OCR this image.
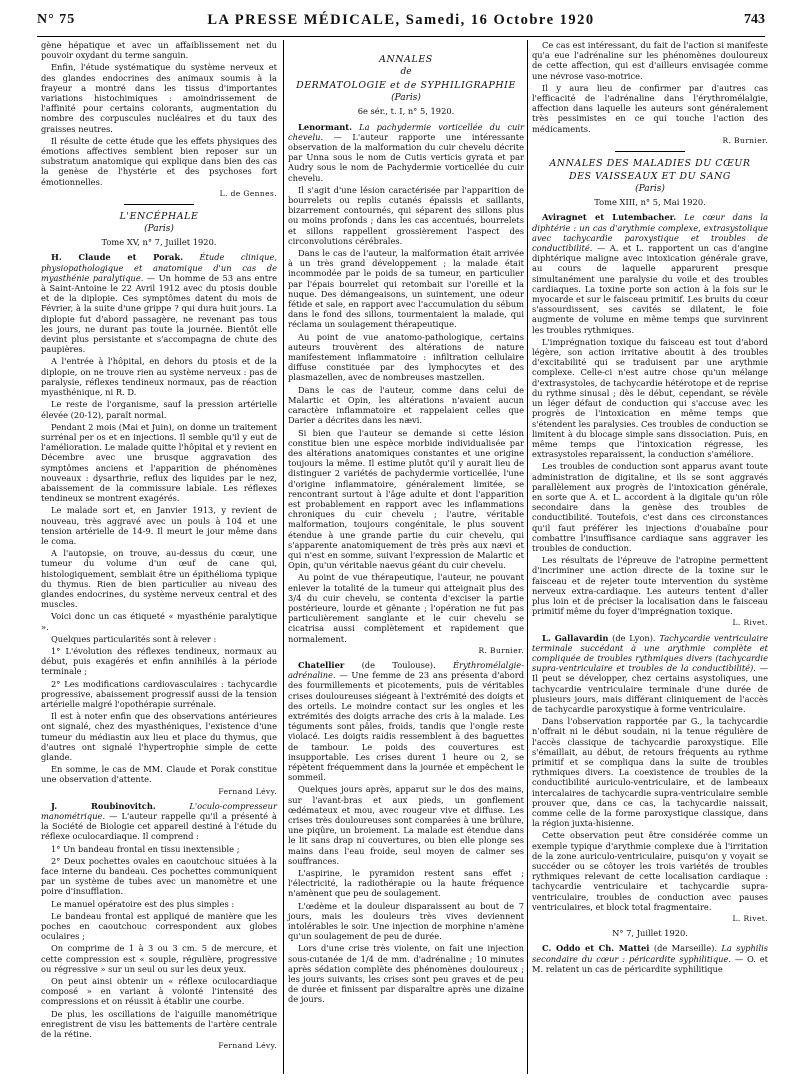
N° 75	LA PRESSE MÉDICALE, Samedi, 16 Octobre 1920	743

gène hépatique et avec un affaiblissement net du pouvoir oxydant du terme sanguin.

Enfin, l'étude systématique du système nerveux et des glandes endocrines des animaux soumis à la frayeur a montré dans les tissus d'importantes variations histochimiques : amoindrissement de l'affinité pour certains colorants, augmentation du nombre des corpuscules nucléaires et du taux des graisses neutres.

Il résulte de cette étude que les effets physiques des émotions affectives semblent bien reposer sur un substratum anatomique qui explique dans bien des cas la genèse de l'hystérie et des psychoses fort émotionnelles.

L. de Gennes.

L'ENCÉPHALE

(Paris)

Tome XV, n° 7, Juillet 1920.

H. Claude et Porak. Étude clinique, physiopathologique et anatomique d'un cas de myasthénie paralytique. — Un homme de 53 ans entre à Saint-Antoine le 22 Avril 1912 avec du ptosis double et de la diplopie. Ces symptômes datent du mois de Février, à la suite d'une grippe ? qui dura huit jours. La diplopie fut d'abord passagère, ne revenant pas tous les jours, ne durant pas toute la journée. Bientôt elle devint plus persistante et s'accompagna de chute des paupières.

A l'entrée à l'hôpital, en dehors du ptosis et de la diplopie, on ne trouve rien au système nerveux : pas de paralysie, réflexes tendineux normaux, pas de réaction myasthénique, ni R. D.

Le reste de l'organisme, sauf la pression artérielle élevée (20-12), paraît normal.

Pendant 2 mois (Mai et Juin), on donne un traitement surrénal per os et en injections. Il semble qu'il y eut de l'amélioration. Le malade quitte l'hôpital et y revient en Décembre avec une brusque aggravation des symptômes anciens et l'apparition de phénomènes nouveaux : dysarthrie, reflux des liquides par le nez, abaissement de la commissure labiale. Les réflexes tendineux se montrent exagérés.

Le malade sort et, en Janvier 1913, y revient de nouveau, très aggravé avec un pouls à 104 et une tension artérielle de 14-9. Il meurt le jour même dans le coma.

A l'autopsie, on trouve, au-dessus du cœur, une tumeur du volume d'un œuf de cane qui, histologiquement, semblait être un épithélioma typique du thymus. Rien de bien particulier au niveau des glandes endocrines, du système nerveux central et des muscles.

Voici donc un cas étiqueté « myasthénie paralytique ».

Quelques particularités sont à relever :

1° L'évolution des réflexes tendineux, normaux au début, puis exagérés et enfin annihilés à la période terminale ;

2° Les modifications cardiovasculaires : tachycardie progressive, abaissement progressif aussi de la tension artérielle malgré l'opothérapie surrénale.

Il est à noter enfin que des observations antérieures ont signalé, chez des myasthéniques, l'existence d'une tumeur du médiastin aux lieu et place du thymus, que d'autres ont signalé l'hypertrophie simple de cette glande.

En somme, le cas de MM. Claude et Porak constitue une observation d'attente.

Fernand Lévy.

J. Roubinovitch.	L'oculo-compresseur manométrique. — L'auteur rappelle qu'il a présenté à la Société de Biologie cet appareil destiné à l'étude du réflexe oculocardiaque. Il comprend :

1° Un bandeau frontal en tissu inextensible ;

2° Deux pochettes ovales en caoutchouc situées à la face interne du bandeau. Ces pochettes communiquent par un système de tubes avec un manomètre et une poire d'insufflation.

Le manuel opératoire est des plus simples :

Le bandeau frontal est appliqué de manière que les poches en caoutchouc correspondent aux globes oculaires ;

On comprime de 1 à 3 ou 3 cm. 5 de mercure, et cette compression est « souple, régulière, progressive ou régressive » sur un seul ou sur les deux yeux.

On peut ainsi obtenir un « réflexe oculocardiaque composé » en variant à volonté l'intensité des compressions et on réussit à établir une courbe.

De plus, les oscillations de l'aiguille manométrique enregistrent de visu les battements de l'artère centrale de la rétine.

Fernand Lévy.

ANNALES

de

DERMATOLOGIE et de SYPHILIGRAPHIE

(Paris)

6e sér., t. I, n° 5, 1920.

Lenormant. La pachydermie vorticellée du cuir chevelu. — L'auteur rapporte une intéressante observation de la malformation du cuir chevelu décrite par Unna sous le nom de Cutis verticis gyrata et par Audry sous le nom de Pachydermie vorticellée du cuir chevelu.

Il s'agit d'une lésion caractérisée par l'apparition de bourrelets ou replis cutanés épaissis et saillants, bizarrement contournés, qui séparent des sillons plus ou moins profonds ; dans les cas accentués, bourrelets et sillons rappellent grossièrement l'aspect des circonvolutions cérébrales.

Dans le cas de l'auteur, la malformation était arrivée à un très grand développement ; la malade était incommodée par le poids de sa tumeur, en particulier par l'épais bourrelet qui retombait sur l'oreille et la nuque. Des démangeaisons, un suintement, une odeur fétide et sale, en rapport avec l'accumulation du sébum dans le fond des sillons, tourmentaient la malade, qui réclama un soulagement thérapeutique.

Au point de vue anatomo-pathologique, certains auteurs trouvèrent des altérations de nature manifestement inflammatoire : infiltration cellulaire diffuse constituée par des lymphocytes et des plasmazellen, avec de nombreuses mastzellen.

Dans le cas de l'auteur, comme dans celui de Malartic et Opin, les altérations n'avaient aucun caractère inflammatoire et rappelaient celles que Darier a décrites dans les nævi.

Si bien que l'auteur se demande si cette lésion constitue bien une espèce morbide individualisée par des altérations anatomiques constantes et une origine toujours la même. Il estime plutôt qu'il y aurait lieu de distinguer 2 variétés de pachydermie vorticellée, l'une d'origine inflammatoire, généralement limitée, se rencontrant surtout à l'âge adulte et dont l'apparition est probablement en rapport avec les inflammations chroniques du cuir chevelu ; l'autre, véritable malformation, toujours congénitale, le plus souvent étendue à une grande partie du cuir chevelu, qui s'apparente anatomiquement de très près aux nævi et qui n'est en somme, suivant l'expression de Malartic et Opin, qu'un véritable naevus géant du cuir chevelu.

Au point de vue thérapeutique, l'auteur, ne pouvant enlever la totalité de la tumeur qui atteignait plus des 3/4 du cuir chevelu, se contenta d'exciser la partie postérieure, lourde et gênante ; l'opération ne fut pas particulièrement sanglante et le cuir chevelu se cicatrisa aussi complètement et rapidement que normalement.

R. Burnier.

Chatellier (de Toulouse). Érythromélalgie-adrénaline. — Une femme de 23 ans présenta d'abord des fourmillements et picotements, puis de véritables crises douloureuses siégeant à l'extrémité des doigts et des orteils. Le moindre contact sur les ongles et les extrémités des doigts arrache des cris à la malade. Les téguments sont pâles, froids, tandis que l'ongle reste violacé. Les doigts raidis ressemblent à des baguettes de tambour. Le poids des couvertures est insupportable. Les crises durent 1 heure ou 2, se répètent fréquemment dans la journée et empêchent le sommeil.

Quelques jours après, apparut sur le dos des mains, sur l'avant-bras et aux pieds, un gonflement œdémateux et mou, avec rougeur vive et diffuse. Les crises très douloureuses sont comparées à une brûlure, une piqûre, un broiement. La malade est étendue dans le lit sans drap ni couvertures, ou bien elle plonge ses mains dans l'eau froide, seul moyen de calmer ses souffrances.

L'aspirine, le pyramidon restent sans effet ; l'électricité, la radiothérapie ou la haute fréquence n'amènent que peu de soulagement.

L'œdème et la douleur disparaissent au bout de 7 jours, mais les douleurs très vives deviennent intolérables le soir. Une injection de morphine n'amène qu'un soulagement de peu de durée.

Lors d'une crise très violente, on fait une injection sous-cutanée de 1/4 de mm. d'adrénaline ; 10 minutes après sédation complète des phénomènes douloureux ; les jours suivants, les crises sont peu graves et de peu de durée et finissent par disparaître après une dizaine de jours.

Ce cas est intéressant, du fait de l'action si manifeste qu'a eue l'adrénaline sur les phénomènes douloureux de cette affection, qui est d'ailleurs envisagée comme une névrose vaso-motrice.

Il y aura lieu de confirmer par d'autres cas l'efficacité de l'adrénaline dans l'érythromélalgie, affection dans laquelle les auteurs sont généralement très pessimistes en ce qui touche l'action des médicaments.

R. Burnier.

ANNALES DES MALADIES DU CŒUR

DES VAISSEAUX ET DU SANG

(Paris)

Tome XIII, n° 5, Mai 1920.

Aviragnet et Lutembacher. Le cœur dans la diphtérie : un cas d'arythmie complexe, extrasystolique avec tachycardie paroxystique et troubles de conductibilité. — A. et L. rapportent un cas d'angine diphtérique maligne avec intoxication générale grave, au cours de laquelle apparurent presque simultanément une paralysie du voile et des troubles cardiaques. La toxine porte son action à la fois sur le myocarde et sur le faisceau primitif. Les bruits du cœur s'assourdissent, ses cavités se dilatent, le foie augmente de volume en même temps que survinrent les troubles rythmiques.

L'imprégnation toxique du faisceau est tout d'abord légère, son action irritative aboutit à des troubles d'excitabilité qui se traduisent par une arythmie complexe. Celle-ci n'est autre chose qu'un mélange d'extrasystoles, de tachycardie hétérotope et de reprise du rythme sinusal ; dès le début, cependant, se révèle un léger défaut de conduction qui s'accuse avec les progrès de l'intoxication en même temps que s'étendent les paralysies. Ces troubles de conduction se limitent à du blocage simple sans dissociation. Puis, en même temps que l'intoxication régresse, les extrasystoles reparaissent, la conduction s'améliore.

Les troubles de conduction sont apparus avant toute administration de digitaline, et ils se sont aggravés parallèlement aux progrès de l'intoxication générale, en sorte que A. et L. accordent à la digitale qu'un rôle secondaire dans la genèse des troubles de conductibilité. Toutefois, c'est dans ces circonstances qu'il faut préférer les injections d'ouabaïne pour combattre l'insuffisance cardiaque sans aggraver les troubles de conduction.

Les résultats de l'épreuve de l'atropine permettent d'incriminer une action directe de la toxine sur le faisceau et de rejeter toute intervention du système nerveux extra-cardiaque. Les auteurs tentent d'aller plus loin et de préciser la localisation dans le faisceau primitif même du foyer d'imprégnation toxique.

L. Rivet.

L. Gallavardin (de Lyon). Tachycardie ventriculaire terminale succédant à une arythmie complète et compliquée de troubles rythmiques divers (tachycardie supra-ventriculaire et troubles de la conductibilité). — Il peut se développer, chez certains asystoliques, une tachycardie ventriculaire terminale d'une durée de plusieurs jours, mais différant cliniquement de l'accès de tachycardie paroxystique à forme ventriculaire.

Dans l'observation rapportée par G., la tachycardie n'offrait ni le début soudain, ni la tenue régulière de l'accès classique de tachycardie paroxystique. Elle s'émaillait, au début, de retours fréquents au rythme primitif et se compliqua dans la suite de troubles rythmiques divers. La coexistence de troubles de la conductibilité auriculo-ventriculaire, et de lambeaux intercalaires de tachycardie supra-ventriculaire semble prouver que, dans ce cas, la tachycardie naissait, comme celle de la forme paroxystique classique, dans la région juxta-hisienne.

Cette observation peut être considérée comme un exemple typique d'arythmie complexe due à l'irritation de la zone auriculo-ventriculaire, puisqu'on y voyait se succéder ou se côtoyer les trois variétés de troubles rythmiques relevant de cette localisation cardiaque : tachycardie ventriculaire et tachycardie supra-ventriculaire, troubles de conduction avec pauses ventriculaires, et block total fragmentaire.

L. Rivet.

N° 7, Juillet 1920.

C. Oddo et Ch. Mattei (de Marseille). La syphilis secondaire du cœur : péricardite syphilitique. — O. et M. relatent un cas de péricardite syphilitique
